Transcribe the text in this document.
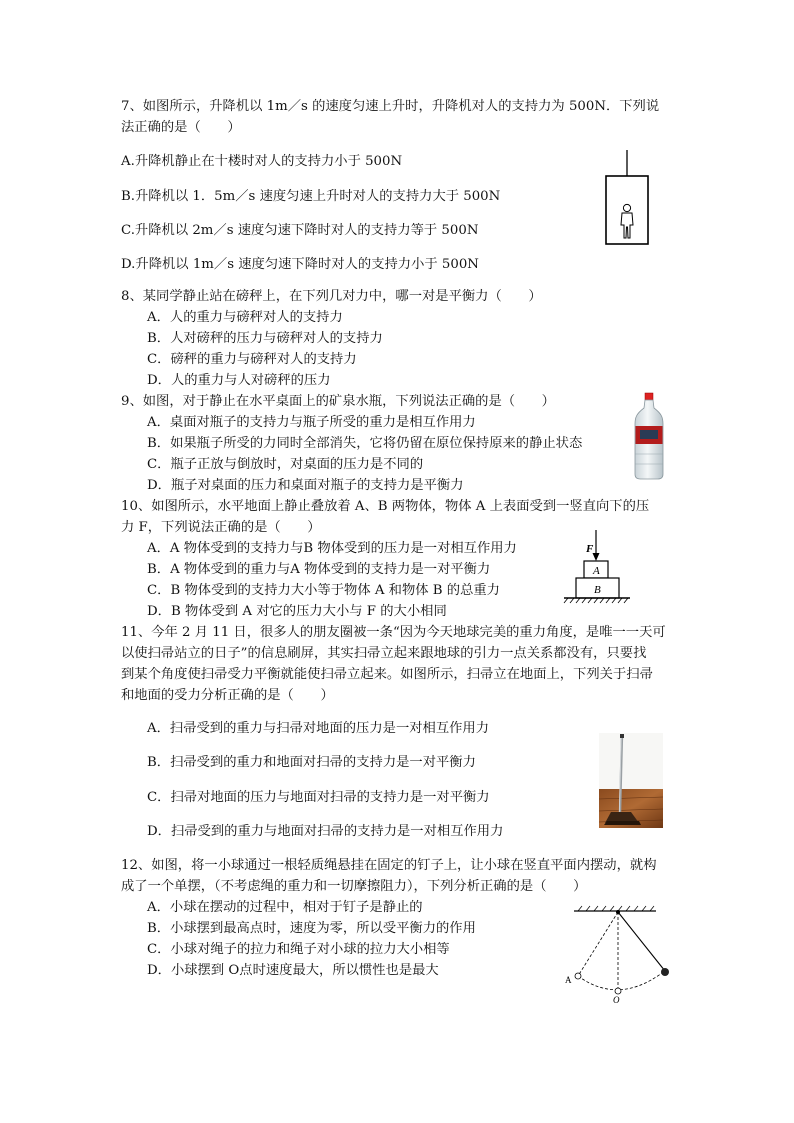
7、如图所示，升降机以 1m／s 的速度匀速上升时，升降机对人的支持力为 500N．下列说
法正确的是（　　）
A.升降机静止在十楼时对人的支持力小于 500N
B.升降机以 1．5m／s 速度匀速上升时对人的支持力大于 500N
C.升降机以 2m／s 速度匀速下降时对人的支持力等于 500N
D.升降机以 1m／s 速度匀速下降时对人的支持力小于 500N
8、某同学静止站在磅秤上，在下列几对力中，哪一对是平衡力（　　）
A．人的重力与磅秤对人的支持力
B．人对磅秤的压力与磅秤对人的支持力
C．磅秤的重力与磅秤对人的支持力
D．人的重力与人对磅秤的压力
9、如图，对于静止在水平桌面上的矿泉水瓶，下列说法正确的是（　　）
A．桌面对瓶子的支持力与瓶子所受的重力是相互作用力
B．如果瓶子所受的力同时全部消失，它将仍留在原位保持原来的静止状态
C．瓶子正放与倒放时，对桌面的压力是不同的
D．瓶子对桌面的压力和桌面对瓶子的支持力是平衡力
10、如图所示，水平地面上静止叠放着 A、B 两物体，物体 A 上表面受到一竖直向下的压
力 F，下列说法正确的是（　　）
A．A 物体受到的支持力与B 物体受到的压力是一对相互作用力
B．A 物体受到的重力与A 物体受到的支持力是一对平衡力
C．B 物体受到的支持力大小等于物体 A 和物体 B 的总重力
D．B 物体受到 A 对它的压力大小与 F 的大小相同
F
A
B
11、今年 2 月 11 日，很多人的朋友圈被一条“因为今天地球完美的重力角度，是唯一一天可
以使扫帚站立的日子”的信息刷屏，其实扫帚立起来跟地球的引力一点关系都没有，只要找
到某个角度使扫帚受力平衡就能使扫帚立起来。如图所示，扫帚立在地面上，下列关于扫帚
和地面的受力分析正确的是（　　）
A．扫帚受到的重力与扫帚对地面的压力是一对相互作用力
B．扫帚受到的重力和地面对扫帚的支持力是一对平衡力
C．扫帚对地面的压力与地面对扫帚的支持力是一对平衡力
D．扫帚受到的重力与地面对扫帚的支持力是一对相互作用力
12、如图，将一小球通过一根轻质绳悬挂在固定的钉子上，让小球在竖直平面内摆动，就构
成了一个单摆，（不考虑绳的重力和一切摩擦阻力），下列分析正确的是（　　）
A．小球在摆动的过程中，相对于钉子是静止的
B．小球摆到最高点时，速度为零，所以受平衡力的作用
C．小球对绳子的拉力和绳子对小球的拉力大小相等
D．小球摆到 O点时速度最大，所以惯性也是最大
A
O
